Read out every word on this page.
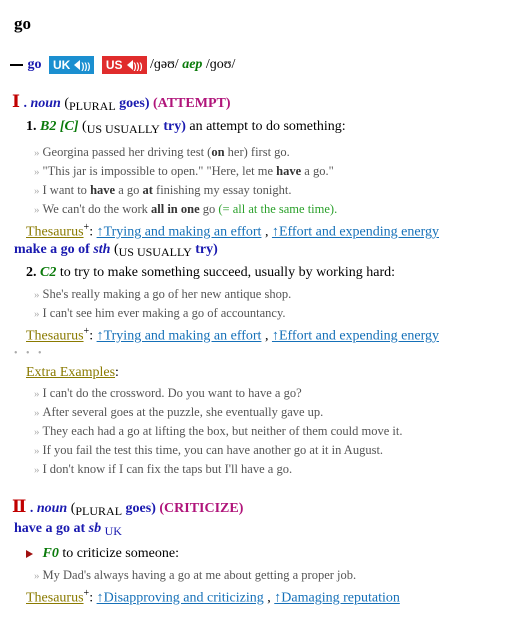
go
go UK ))) US ))) /ɡəʊ/ aep /ɡoʊ/
Ⅰ . noun (PLURAL goes) (ATTEMPT)
1. B2 [C] (US USUALLY try) an attempt to do something:
» Georgina passed her driving test (on her) first go.
» "This jar is impossible to open." "Here, let me have a go."
» I want to have a go at finishing my essay tonight.
» We can't do the work all in one go (= all at the same time).
Thesaurus+: ↑Trying and making an effort , ↑Effort and expending energy
make a go of sth (US USUALLY try)
2. C2 to try to make something succeed, usually by working hard:
» She's really making a go of her new antique shop.
» I can't see him ever making a go of accountancy.
Thesaurus+: ↑Trying and making an effort , ↑Effort and expending energy
• • •
Extra Examples:
» I can't do the crossword. Do you want to have a go?
» After several goes at the puzzle, she eventually gave up.
» They each had a go at lifting the box, but neither of them could move it.
» If you fail the test this time, you can have another go at it in August.
» I don't know if I can fix the taps but I'll have a go.
Ⅱ . noun (PLURAL goes) (CRITICIZE)
have a go at sb UK
F0 to criticize someone:
» My Dad's always having a go at me about getting a proper job.
Thesaurus+: ↑Disapproving and criticizing , ↑Damaging reputation
